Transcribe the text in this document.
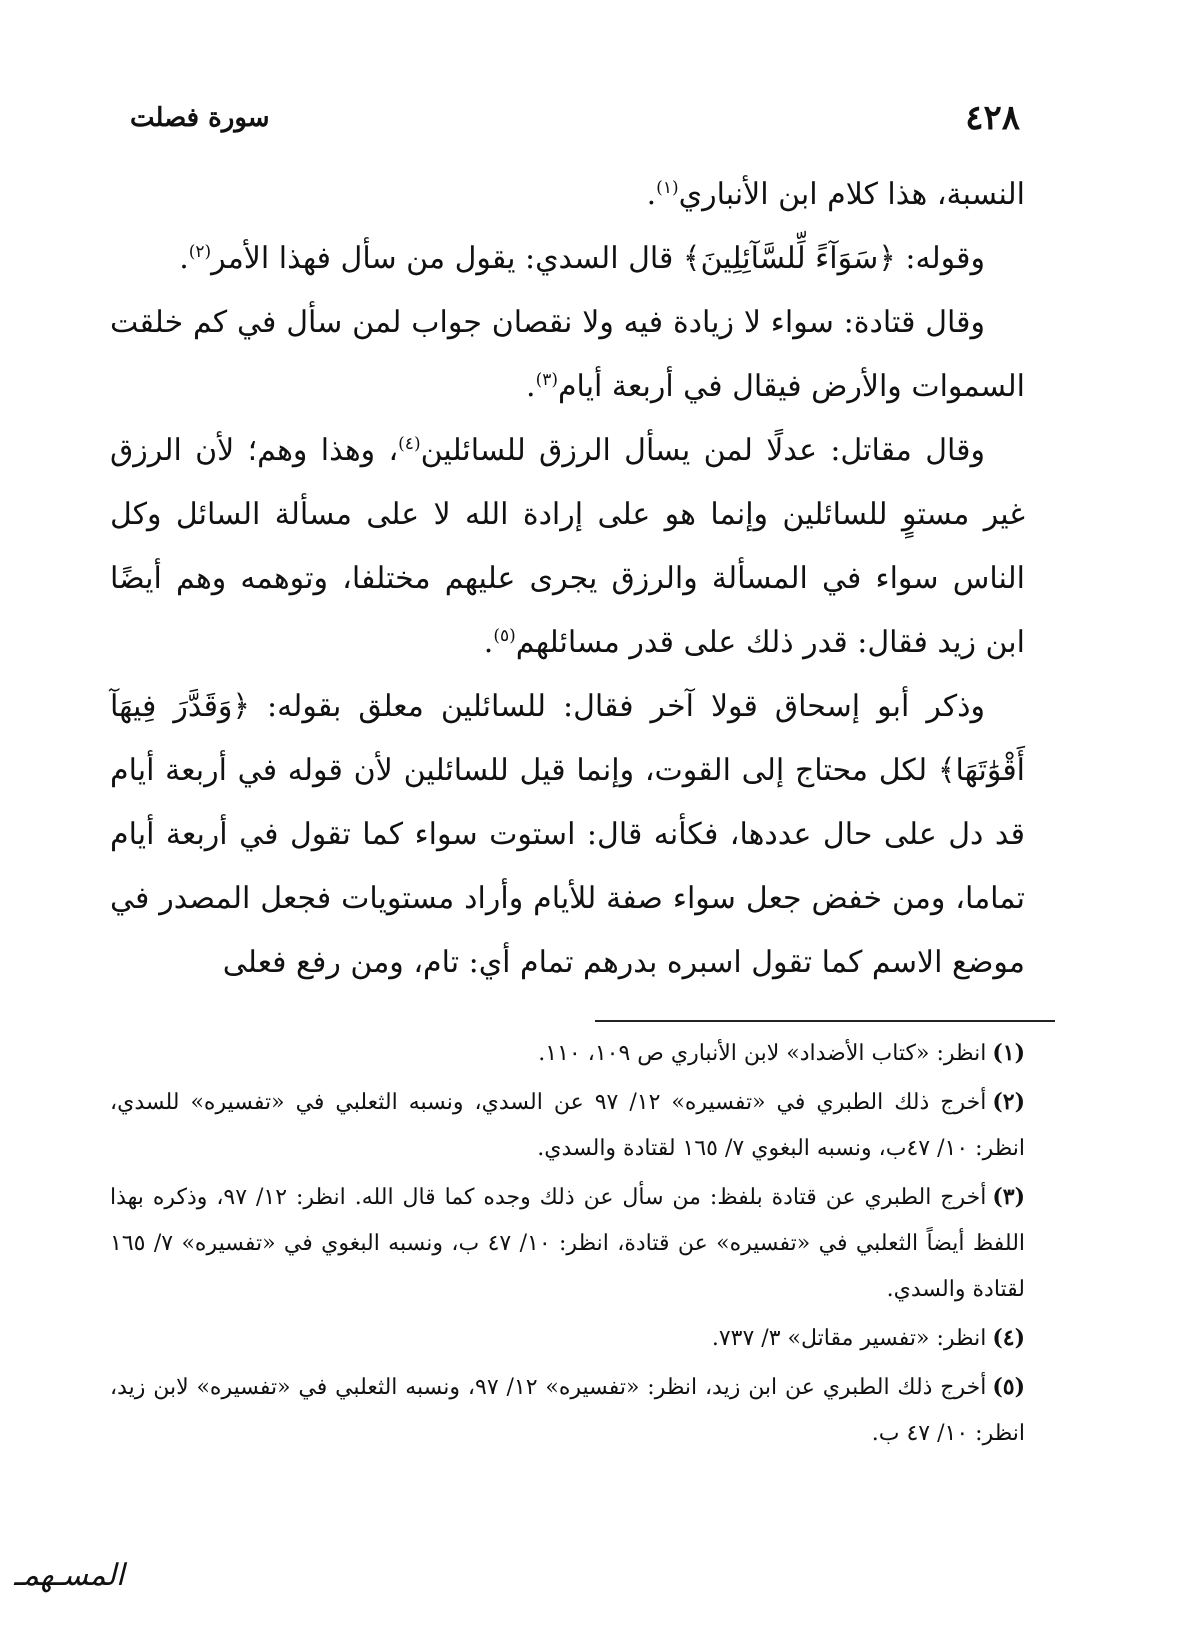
٤٢٨
سورة فصلت

النسبة، هذا كلام ابن الأنباري$^{(١)}$.

وقوله: ﴿سَوَآءً لِّلسَّآئِلِينَ﴾ قال السدي: يقول من سأل فهذا الأمر$^{(٢)}$.

وقال قتادة: سواء لا زيادة فيه ولا نقصان جواب لمن سأل في كم خلقت السموات والأرض فيقال في أربعة أيام$^{(٣)}$.

وقال مقاتل: عدلًا لمن يسأل الرزق للسائلين$^{(٤)}$، وهذا وهم؛ لأن الرزق غير مستوٍ للسائلين وإنما هو على إرادة الله لا على مسألة السائل وكل الناس سواء في المسألة والرزق يجرى عليهم مختلفا، وتوهمه وهم أيضًا ابن زيد فقال: قدر ذلك على قدر مسائلهم$^{(٥)}$.

وذكر أبو إسحاق قولا آخر فقال: للسائلين معلق بقوله: ﴿وَقَدَّرَ فِيهَآ أَقْوَٰتَهَا﴾ لكل محتاج إلى القوت، وإنما قيل للسائلين لأن قوله في أربعة أيام قد دل على حال عددها، فكأنه قال: استوت سواء كما تقول في أربعة أيام تماما، ومن خفض جعل سواء صفة للأيام وأراد مستويات فجعل المصدر في موضع الاسم كما تقول اسبره بدرهم تمام أي: تام، ومن رفع فعلى

(١)انظر: «كتاب الأضداد» لابن الأنباري ص ١٠٩، ١١٠.

(٢)أخرج ذلك الطبري في «تفسيره» ١٢/ ٩٧ عن السدي، ونسبه الثعلبي في «تفسيره» للسدي، انظر: ١٠/ ٤٧ب، ونسبه البغوي ٧/ ١٦٥ لقتادة والسدي.

(٣)أخرج الطبري عن قتادة بلفظ: من سأل عن ذلك وجده كما قال الله. انظر: ١٢/ ٩٧، وذكره بهذا اللفظ أيضاً الثعلبي في «تفسيره» عن قتادة، انظر: ١٠/ ٤٧ ب، ونسبه البغوي في «تفسيره» ٧/ ١٦٥ لقتادة والسدي.

(٤)انظر: «تفسير مقاتل» ٣/ ٧٣٧.

(٥)أخرج ذلك الطبري عن ابن زيد، انظر: «تفسيره» ١٢/ ٩٧، ونسبه الثعلبي في «تفسيره» لابن زيد، انظر: ١٠/ ٤٧ ب.

المسـهمـ
